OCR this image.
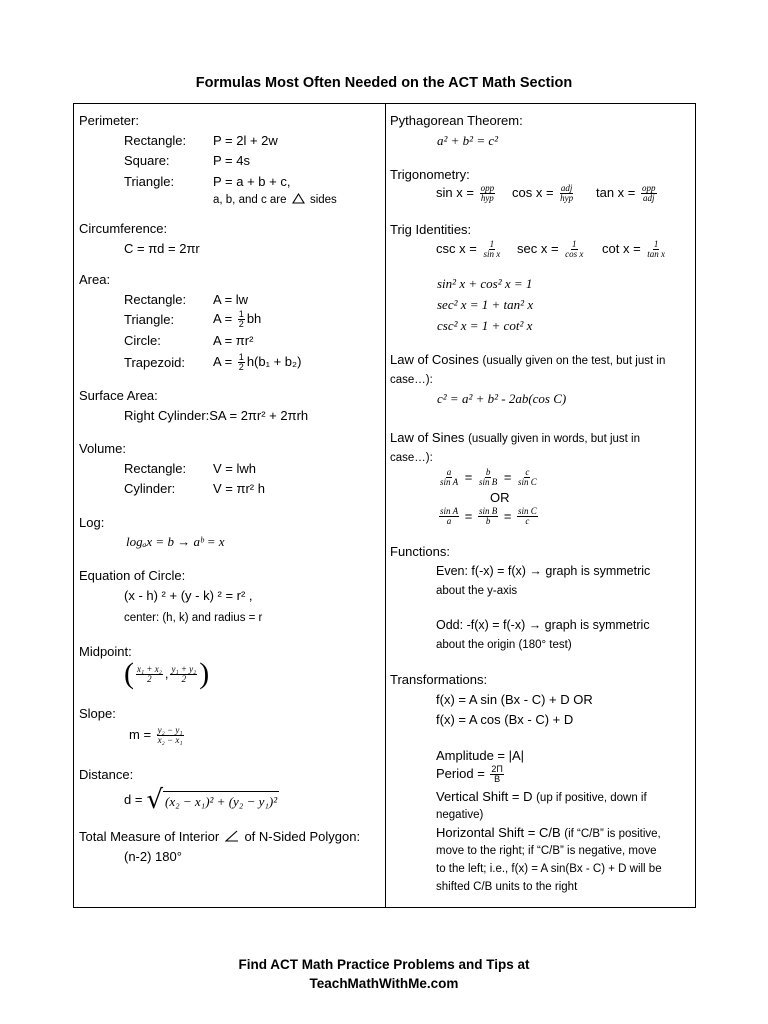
Formulas Most Often Needed on the ACT Math Section
Perimeter:
Rectangle: P = 2l + 2w
Square:	P = 4s
Triangle:	P = a + b + c,
a, b, and c are sides
Circumference:
C = πd = 2πr
Area:
Rectangle: A = lw
Triangle:	$A = \frac{1}{2}$ bh
Circle:	A = πr²
Trapezoid: $A = \frac{1}{2} h(b_1 + b_2)$
Surface Area:
Right Cylinder:SA = 2πr² + 2πrh
Volume:
Rectangle: V = lwh
Cylinder:	V = πr² h
Log:
logₐx = b → aᵇ = x
Equation of Circle:
(x - h) ² + (y - k) ² = r² ,
center: (h, k) and radius = r
Midpoint:
( $\frac{\text{x₁ + x₂}}{2}$ , $\frac{\text{y₁ + y₂}}{2}$ )
Slope:
$m = \frac{\text{y₂ − y₁}}{\text{x₂ − x₁}}$
Distance:
d = √ (x₂ − x₁)² + (y₂ − y₁)²
Total Measure of Interior of N-Sided Polygon:
(n-2) 180°
Pythagorean Theorem:
a² + b² = c²
Trigonometry:
$\sin x = \frac{\text{opp}}{\text{hyp}}$ $\cos x = \frac{\text{adj}}{\text{hyp}}$ $\tan x = \frac{\text{opp}}{\text{adj}}$
Trig Identities:
$\csc x = \frac{1}{\text{sin x}}$ $\sec x = \frac{1}{\text{cos x}}$ $\cot x = \frac{1}{\text{tan x}}$
sin² x + cos² x = 1
sec² x = 1 + tan² x
csc² x = 1 + cot² x
Law of Cosines (usually given on the test, but just in
case…):
c² = a² + b² - 2ab(cos C)
Law of Sines (usually given in words, but just in
case…):
$\frac{a}{\text{sin A}} = \frac{b}{\text{sin B}} = \frac{c}{\text{sin C}}$
OR
$\frac{\text{sin A}}{a} = \frac{\text{sin B}}{b} = \frac{\text{sin C}}{c}$
Functions:
Even: f(-x) = f(x) → graph is symmetric
about the y-axis
Odd: -f(x) = f(-x) → graph is symmetric
about the origin (180° test)
Transformations:
f(x) = A sin (Bx - C) + D OR
f(x) = A cos (Bx - C) + D
Amplitude = |A|
Period = $\frac{2\Pi}{B}$
Vertical Shift = D (up if positive, down if
negative)
Horizontal Shift = C/B (if “C/B” is positive,
move to the right; if “C/B” is negative, move
to the left; i.e., f(x) = A sin(Bx - C) + D will be
shifted C/B units to the right
Find ACT Math Practice Problems and Tips at
TeachMathWithMe.com
